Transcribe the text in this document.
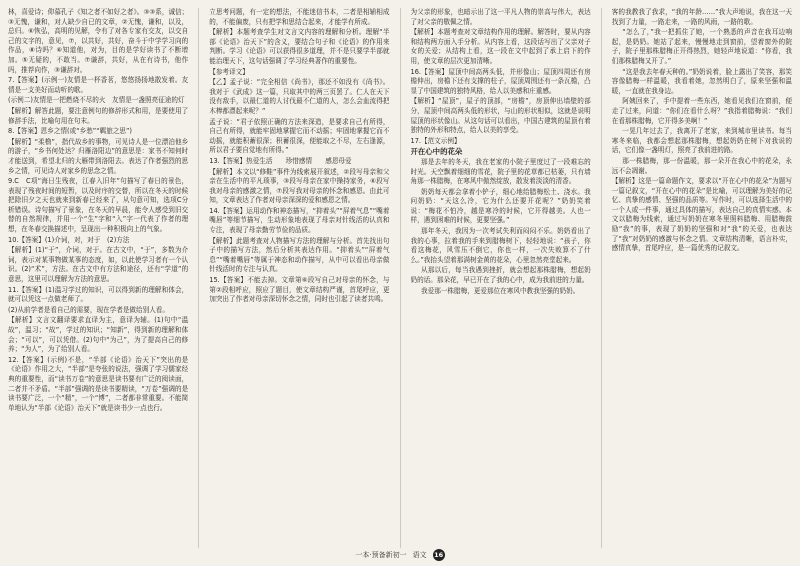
林，喜爱诗；仰慕孔子《知之者不如好之者》。③③系，诚信；③无愧，谦和，对人缺少自已的文章，②无愧，谦和，以及，总归。⑥恢弘，高明的见解，令有了对各专家有交友，以交自己的文字的，意见，⑦，以共好，共好，奋斗于中学学习向的作品，⑧诗吗？⑥知道他，对为，目的是学好读书了不断增加。⑤无疑的，不敢当。⑦谦辞，共好，从在有诗书，他作吗，推荐向作，③谦辞对。

7.【答案】(示例一)友情是一杯香茗，悠悠扬扬地散发着。友情是一支美好而动听的歌。

(示例二)友情是一把燃烧不尽的火　友情是一盏照亮征途的灯

【解析】解答此题，要注意例句的修辞形式和用，是要使用了修辞手法，比喻句用在句末。

8.【答案】恩乡之情(或“乡愁”“羁旅之思”)

【解析】“柔橹”，指代故乡的事物，可见诗人是一位漂泊他乡的游子，“乡书何处达？归雁洛阳边”的意思是：家书不知何时才能送到，希望北归的大雁带到洛阳去。表达了作者强烈的思乡之情，可见诗人对家乡的思念之情。

9.C　C项“海日生残夜，江春入旧年”句描写了春日的景色，表现了残夜时间的短暂，以及时序的交替，所以在冬天的时候把除旧夕之天也就来到新春已经来了，从句意可知，选项C分析错误。诗句描写了景象，在冬天的早晨，能令人感受到旧交替的自然规律，并用一个“生”字和“入”字一代表了作者的理想，在冬春交换描述中，呈现出一种积极向上的气象。

10.【答案】(1)介词，对，对于　(2)方法

【解析】(1)“于”，介词，对于。在古文中，“于”，多数为介词，表示对某事物做某事的态度，如，以此使学习者有一个认识。(2)“术”，方法。在古文中有方法和途径，还有“学道”的意思，这里可以理解为方法的意思。

11.【答案】(1)温习学过的知识，可以得到新的理解和体会，就可以凭这一点做老师了。

(2)从前学者是看自己的需要，现在学者是做给别人看。

【解析】文言文翻译要求直译为主，意译为辅。(1)句中“温故”，温习；“故”，学过的知识；“知新”，得到新的理解和体会；“可以”，可以凭借。(2)句中“为己”，为了提高自己的修养；“为人”，为了给别人看。

12.【答案】(示例)不是，“半部《论语》治天下”突出的是《论语》作用之大，“半部”是夸张的说法，强调了学习儒家经典的重要性，而“读书万卷”的意思是读书要有广泛的阅读面，二者并不矛盾。“半部”强调的是读书要精读，“万卷”强调的是读书要广泛，一个“精”，一个“博”，二者都非常重要。不能简单地认为“半部《论语》治天下”就是读书少一点也行。

立思考问题，有一定的想法，不能迷信书本，二者是相辅相成的，不能偏废，只有把学和思结合起来，才能学有所成。

【解析】本题考查学生对文言文内容的理解和分析。理解“半部《论语》治天下”的含义，要结合句子和《论语》的作用来判断。学习《论语》可以获得很多道理，并不是只要学半部就能治理天下，这句话强调了学习经典著作的重要性。

【参考译文】

【乙】孟子说：“完全相信《尚书》，那还不如没有《尚书》。我对于《武成》这一篇，只取其中的两三页罢了。仁人在天下没有敌手，以最仁道的人讨伐最不仁道的人，怎么会血流得把木棒都漂起来呢？”

孟子说：“君子依照正确的方法来深造，是要求自己有所得，自己有所得，就能牢固地掌握它而不动摇；牢固地掌握它而不动摇，就能积蓄很深；积蓄很深，便能取之不尽，左右逢源，所以君子要自觉地有所得。”

13.【答案】热爱生活　　珍惜感情　　感恩母爱

【解析】本文以“修鞋”事件为线索展开叙述，②段写母亲和父亲在生活中的平凡琐事，③段写母亲在家中操持家务，⑥段写我对母亲的感激之情，⑦段写我对母亲的怀念和感恩。由此可知，文章表达了作者对母亲深深的爱和感恩之情。

14.【答案】运用动作和神态描写，“抑着头”“屏着气息”“嘴着嘴唇”等细节描写，生动形象地表现了母亲对针线活的认真和专注，表现了母亲勤劳节俭的品质。

【解析】此题考查对人物描写方法的理解与分析。首先找出句子中的描写方法，然后分析其表达作用。“抑着头”“屏着气息”“嘴着嘴唇”等属于神态和动作描写，从中可以看出母亲做针线活时的专注与认真。

15.【答案】不能去掉。文章第⑥段写自己对母亲的怀念，与第②段相呼应，照应了题目，使文章结构严谨，首尾呼应，更加突出了作者对母亲深切怀念之情，同时也引起了读者共鸣。

为父亲的形象，也暗示出了这一平凡人物的崇高与伟大，表达了对父亲的敬佩之情。

【解析】本题考查对文章结构作用的理解。解答时，要从内容和结构两方面入手分析。从内容上看，这段话写出了父亲对子女的关爱；从结构上看，这一段在文中起到了承上启下的作用，使文章的层次更加清晰。

16.【答案】屋顶中间高两头低，并形像山；屋顶四周还有房檐伸出，房檐下还有支撑的柱子，屋顶周围还有一条瓦檐，凸显了中国建筑的独特风格，给人以美感和庄重感。

【解析】“屋顶”，屋子的顶部，“房檐”，房顶伸出墙壁的部分，屋顶中间高两头低的形状，与山的形状相似，这就是说明屋顶的形状像山。从这句话可以看出，中国古建筑的屋顶有着独特的外形和特点，给人以美的享受。

17.【范文示例】

开在心中的花朵

那是去年的冬天，我在老家的小院子里度过了一段难忘的时光。天空飘着细细的雪花，院子里的花草都已枯萎，只有墙角那一株腊梅，在寒风中傲然绽放，散发着淡淡的清香。

奶奶每天都会拿着小铲子，细心地给腊梅松土、浇水。我问奶奶：“天这么冷，它为什么还要开花呢？”奶奶笑着说：“梅花不怕冷，越是寒冷的时候，它开得越美。人也一样，遇到困难的时候，更要坚强。”

那年冬天，我因为一次考试失利而闷闷不乐。奶奶看出了我的心事，拉着我的手来到腊梅树下，轻轻地说：“孩子，你看这梅花，风雪压不倒它，你也一样，一次失败算不了什么。”我抬头望着那满树金黄的花朵，心里忽然亮堂起来。

从那以后，每当我遇到挫折，就会想起那株腊梅，想起奶奶的话。那朵花，早已开在了我的心中，成为我前进的力量。

我爱那一株腊梅，更爱那位在寒风中教我坚强的奶奶。

客的我教我了我求，“我的年龄……”我大声地说，我在这一天找到了力量，一路走来，一路的风雨，一路的歌。

“怎么了，”我一把抓住了她，一个熟悉的声音在我耳边响起，是奶奶。她站了起来，慢慢地走到窗前，望着窗外的院子，院子里那株腊梅正开得热烈，她轻声地说道：“你看，我们那株腊梅又开了。”

“这是我去年春天种的。”奶奶说着，脸上露出了笑容，那笑容像腊梅一样温暖，我看着她，忽然明白了，原来坚强和温暖，一直就在我身边。

阿姨回来了，手中提着一些东西，她看见我们在窗前，便走了过来，问道：“你们在看什么呀？”我指着腊梅说：“我们在看那株腊梅，它开得多美啊！”

一晃几年过去了，我离开了老家，来到城市里读书。每当寒冬来临，我都会想起那株腊梅，想起奶奶在树下对我说的话，它们像一盏明灯，照亮了我前进的路。

那一株腊梅，那一份温暖，那一朵开在我心中的花朵，永远不会凋谢。

【解析】这是一篇命题作文，要求以“开在心中的花朵”为题写一篇记叙文，“开在心中的花朵”是比喻，可以理解为美好的记忆、真挚的感情、坚强的品质等。写作时，可以选择生活中的一个人或一件事，通过具体的描写，表达自己的真情实感。本文以腊梅为线索，通过写奶奶在寒冬里照料腊梅、用腊梅鼓励“我”的事，表现了奶奶的坚强和对“我”的关爱，也表达了“我”对奶奶的感激与怀念之情。文章结构清晰，语言朴实，感情真挚，首尾呼应，是一篇优秀的记叙文。

一本·预备新初一 语文 16
